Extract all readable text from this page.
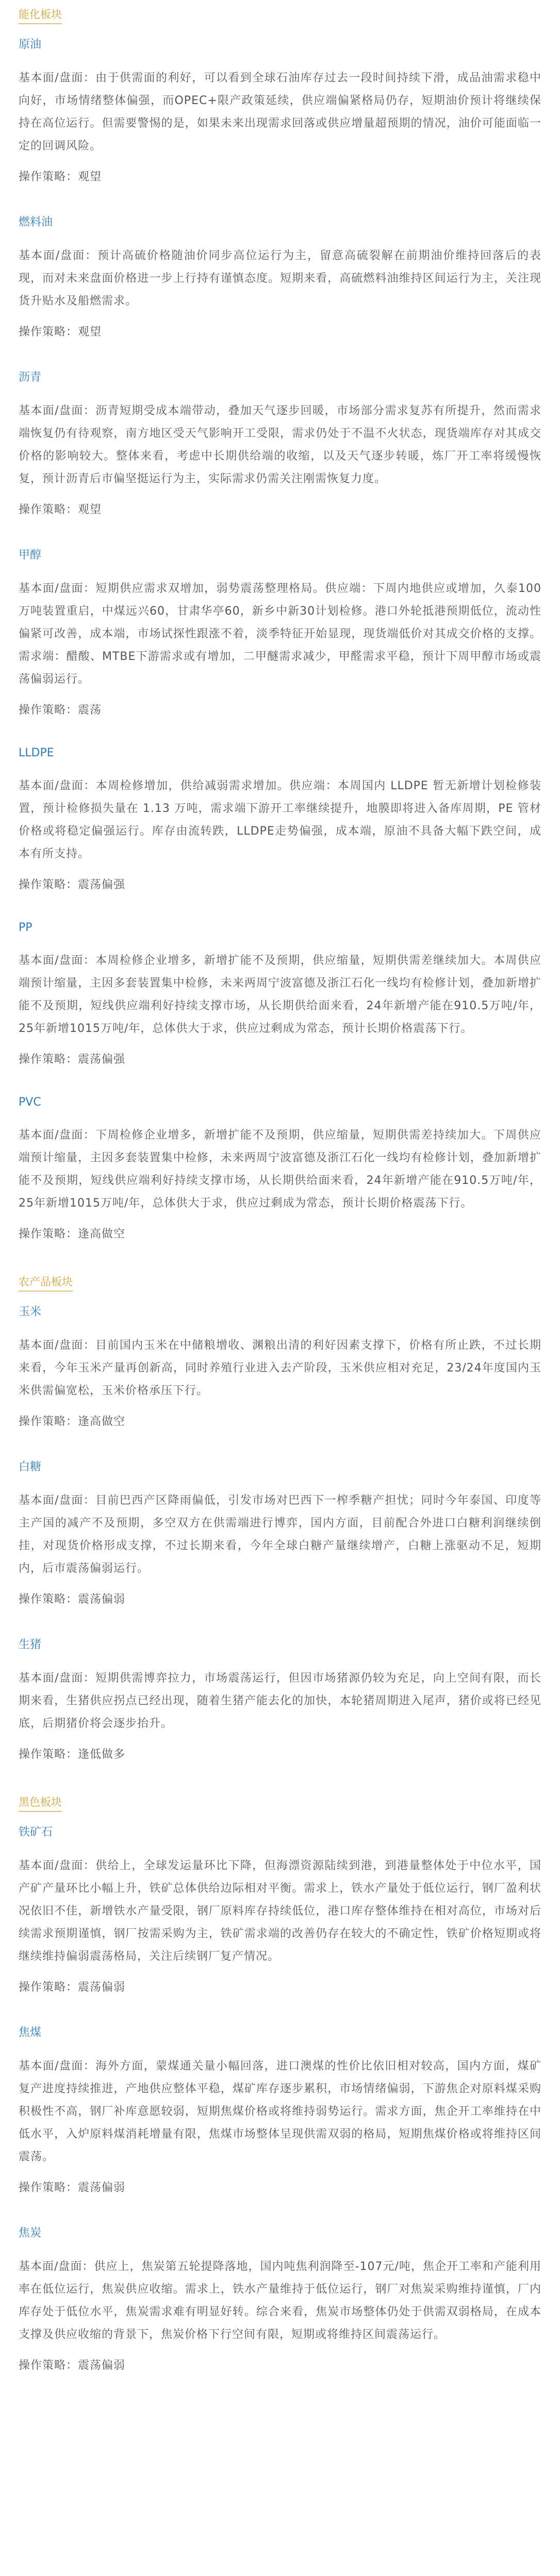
能化板块
原油

基本面/盘面：由于供需面的利好，可以看到全球石油库存过去一段时间持续下滑，成品油需求稳中向好，市场情绪整体偏强，而OPEC+限产政策延续，供应端偏紧格局仍存，短期油价预计将继续保持在高位运行。但需要警惕的是，如果未来出现需求回落或供应增量超预期的情况，油价可能面临一定的回调风险。

操作策略：观望

燃料油

基本面/盘面：预计高硫价格随油价同步高位运行为主，留意高硫裂解在前期油价维持回落后的表现，而对未来盘面价格进一步上行持有谨慎态度。短期来看，高硫燃料油维持区间运行为主，关注现货升贴水及船燃需求。

操作策略：观望

沥青

基本面/盘面：沥青短期受成本端带动，叠加天气逐步回暖，市场部分需求复苏有所提升，然而需求端恢复仍有待观察，南方地区受天气影响开工受限，需求仍处于不温不火状态，现货端库存对其成交价格的影响较大。整体来看，考虑中长期供给端的收缩，以及天气逐步转暖，炼厂开工率将缓慢恢复，预计沥青后市偏坚挺运行为主，实际需求仍需关注刚需恢复力度。

操作策略：观望

甲醇

基本面/盘面：短期供应需求双增加，弱势震荡整理格局。供应端：下周内地供应或增加，久泰100万吨装置重启，中煤远兴60，甘肃华亭60，新乡中新30计划检修。港口外轮抵港预期低位，流动性偏紧可改善，成本端，市场试探性跟涨不着，淡季特征开始显现，现货端低价对其成交价格的支撑。需求端：醋酸、MTBE下游需求或有增加，二甲醚需求减少，甲醛需求平稳，预计下周甲醇市场或震荡偏弱运行。

操作策略：震荡

LLDPE

基本面/盘面：本周检修增加，供给减弱需求增加。供应端：本周国内 LLDPE 暂无新增计划检修装置，预计检修损失量在 1.13 万吨，需求端下游开工率继续提升，地膜即将进入备库周期，PE 管材价格或将稳定偏强运行。库存由流转跌，LLDPE走势偏强，成本端，原油不具备大幅下跌空间，成本有所支持。

操作策略：震荡偏强

PP

基本面/盘面：本周检修企业增多，新增扩能不及预期，供应缩量，短期供需差继续加大。本周供应端预计缩量，主因多套装置集中检修，未来两周宁波富德及浙江石化一线均有检修计划，叠加新增扩能不及预期，短线供应端利好持续支撑市场，从长期供给面来看，24年新增产能在910.5万吨/年，25年新增1015万吨/年，总体供大于求，供应过剩成为常态，预计长期价格震荡下行。

操作策略：震荡偏强

PVC

基本面/盘面：下周检修企业增多，新增扩能不及预期，供应缩量，短期供需差持续加大。下周供应端预计缩量，主因多套装置集中检修，未来两周宁波富德及浙江石化一线均有检修计划，叠加新增扩能不及预期，短线供应端利好持续支撑市场，从长期供给面来看，24年新增产能在910.5万吨/年，25年新增1015万吨/年，总体供大于求，供应过剩成为常态，预计长期价格震荡下行。

操作策略：逢高做空

农产品板块
玉米

基本面/盘面：目前国内玉米在中储粮增收、渊粮出清的利好因素支撑下，价格有所止跌，不过长期来看，今年玉米产量再创新高，同时养殖行业进入去产阶段，玉米供应相对充足，23/24年度国内玉米供需偏宽松，玉米价格承压下行。

操作策略：逢高做空

白糖

基本面/盘面：目前巴西产区降雨偏低，引发市场对巴西下一榨季糖产担忧；同时今年泰国、印度等主产国的减产不及预期，多空双方在供需端进行博弈，国内方面，目前配合外进口白糖利润继续倒挂，对现货价格形成支撑，不过长期来看，今年全球白糖产量继续增产，白糖上涨驱动不足，短期内，后市震荡偏弱运行。

操作策略：震荡偏弱

生猪

基本面/盘面：短期供需博弈拉力，市场震荡运行，但因市场猪源仍较为充足，向上空间有限，而长期来看，生猪供应拐点已经出现，随着生猪产能去化的加快，本轮猪周期进入尾声，猪价或将已经见底，后期猪价将会逐步抬升。

操作策略：逢低做多

黑色板块
铁矿石

基本面/盘面：供给上，全球发运量环比下降，但海漂资源陆续到港，到港量整体处于中位水平，国产矿产量环比小幅上升，铁矿总体供给边际相对平衡。需求上，铁水产量处于低位运行，钢厂盈利状况依旧不佳，新增铁水产量受限，钢厂原料库存持续低位，港口库存整体维持在相对高位，市场对后续需求预期谨慎，钢厂按需采购为主，铁矿需求端的改善仍存在较大的不确定性，铁矿价格短期或将继续维持偏弱震荡格局，关注后续钢厂复产情况。

操作策略：震荡偏弱

焦煤

基本面/盘面：海外方面，蒙煤通关量小幅回落，进口澳煤的性价比依旧相对较高，国内方面，煤矿复产进度持续推进，产地供应整体平稳，煤矿库存逐步累积，市场情绪偏弱，下游焦企对原料煤采购积极性不高，钢厂补库意愿较弱，短期焦煤价格或将维持弱势运行。需求方面，焦企开工率维持在中低水平，入炉原料煤消耗增量有限，焦煤市场整体呈现供需双弱的格局，短期焦煤价格或将维持区间震荡。

操作策略：震荡偏弱

焦炭

基本面/盘面：供应上，焦炭第五轮提降落地，国内吨焦利润降至-107元/吨，焦企开工率和产能利用率在低位运行，焦炭供应收缩。需求上，铁水产量维持于低位运行，钢厂对焦炭采购维持谨慎，厂内库存处于低位水平，焦炭需求难有明显好转。综合来看，焦炭市场整体仍处于供需双弱格局，在成本支撑及供应收缩的背景下，焦炭价格下行空间有限，短期或将维持区间震荡运行。

操作策略：震荡偏弱
